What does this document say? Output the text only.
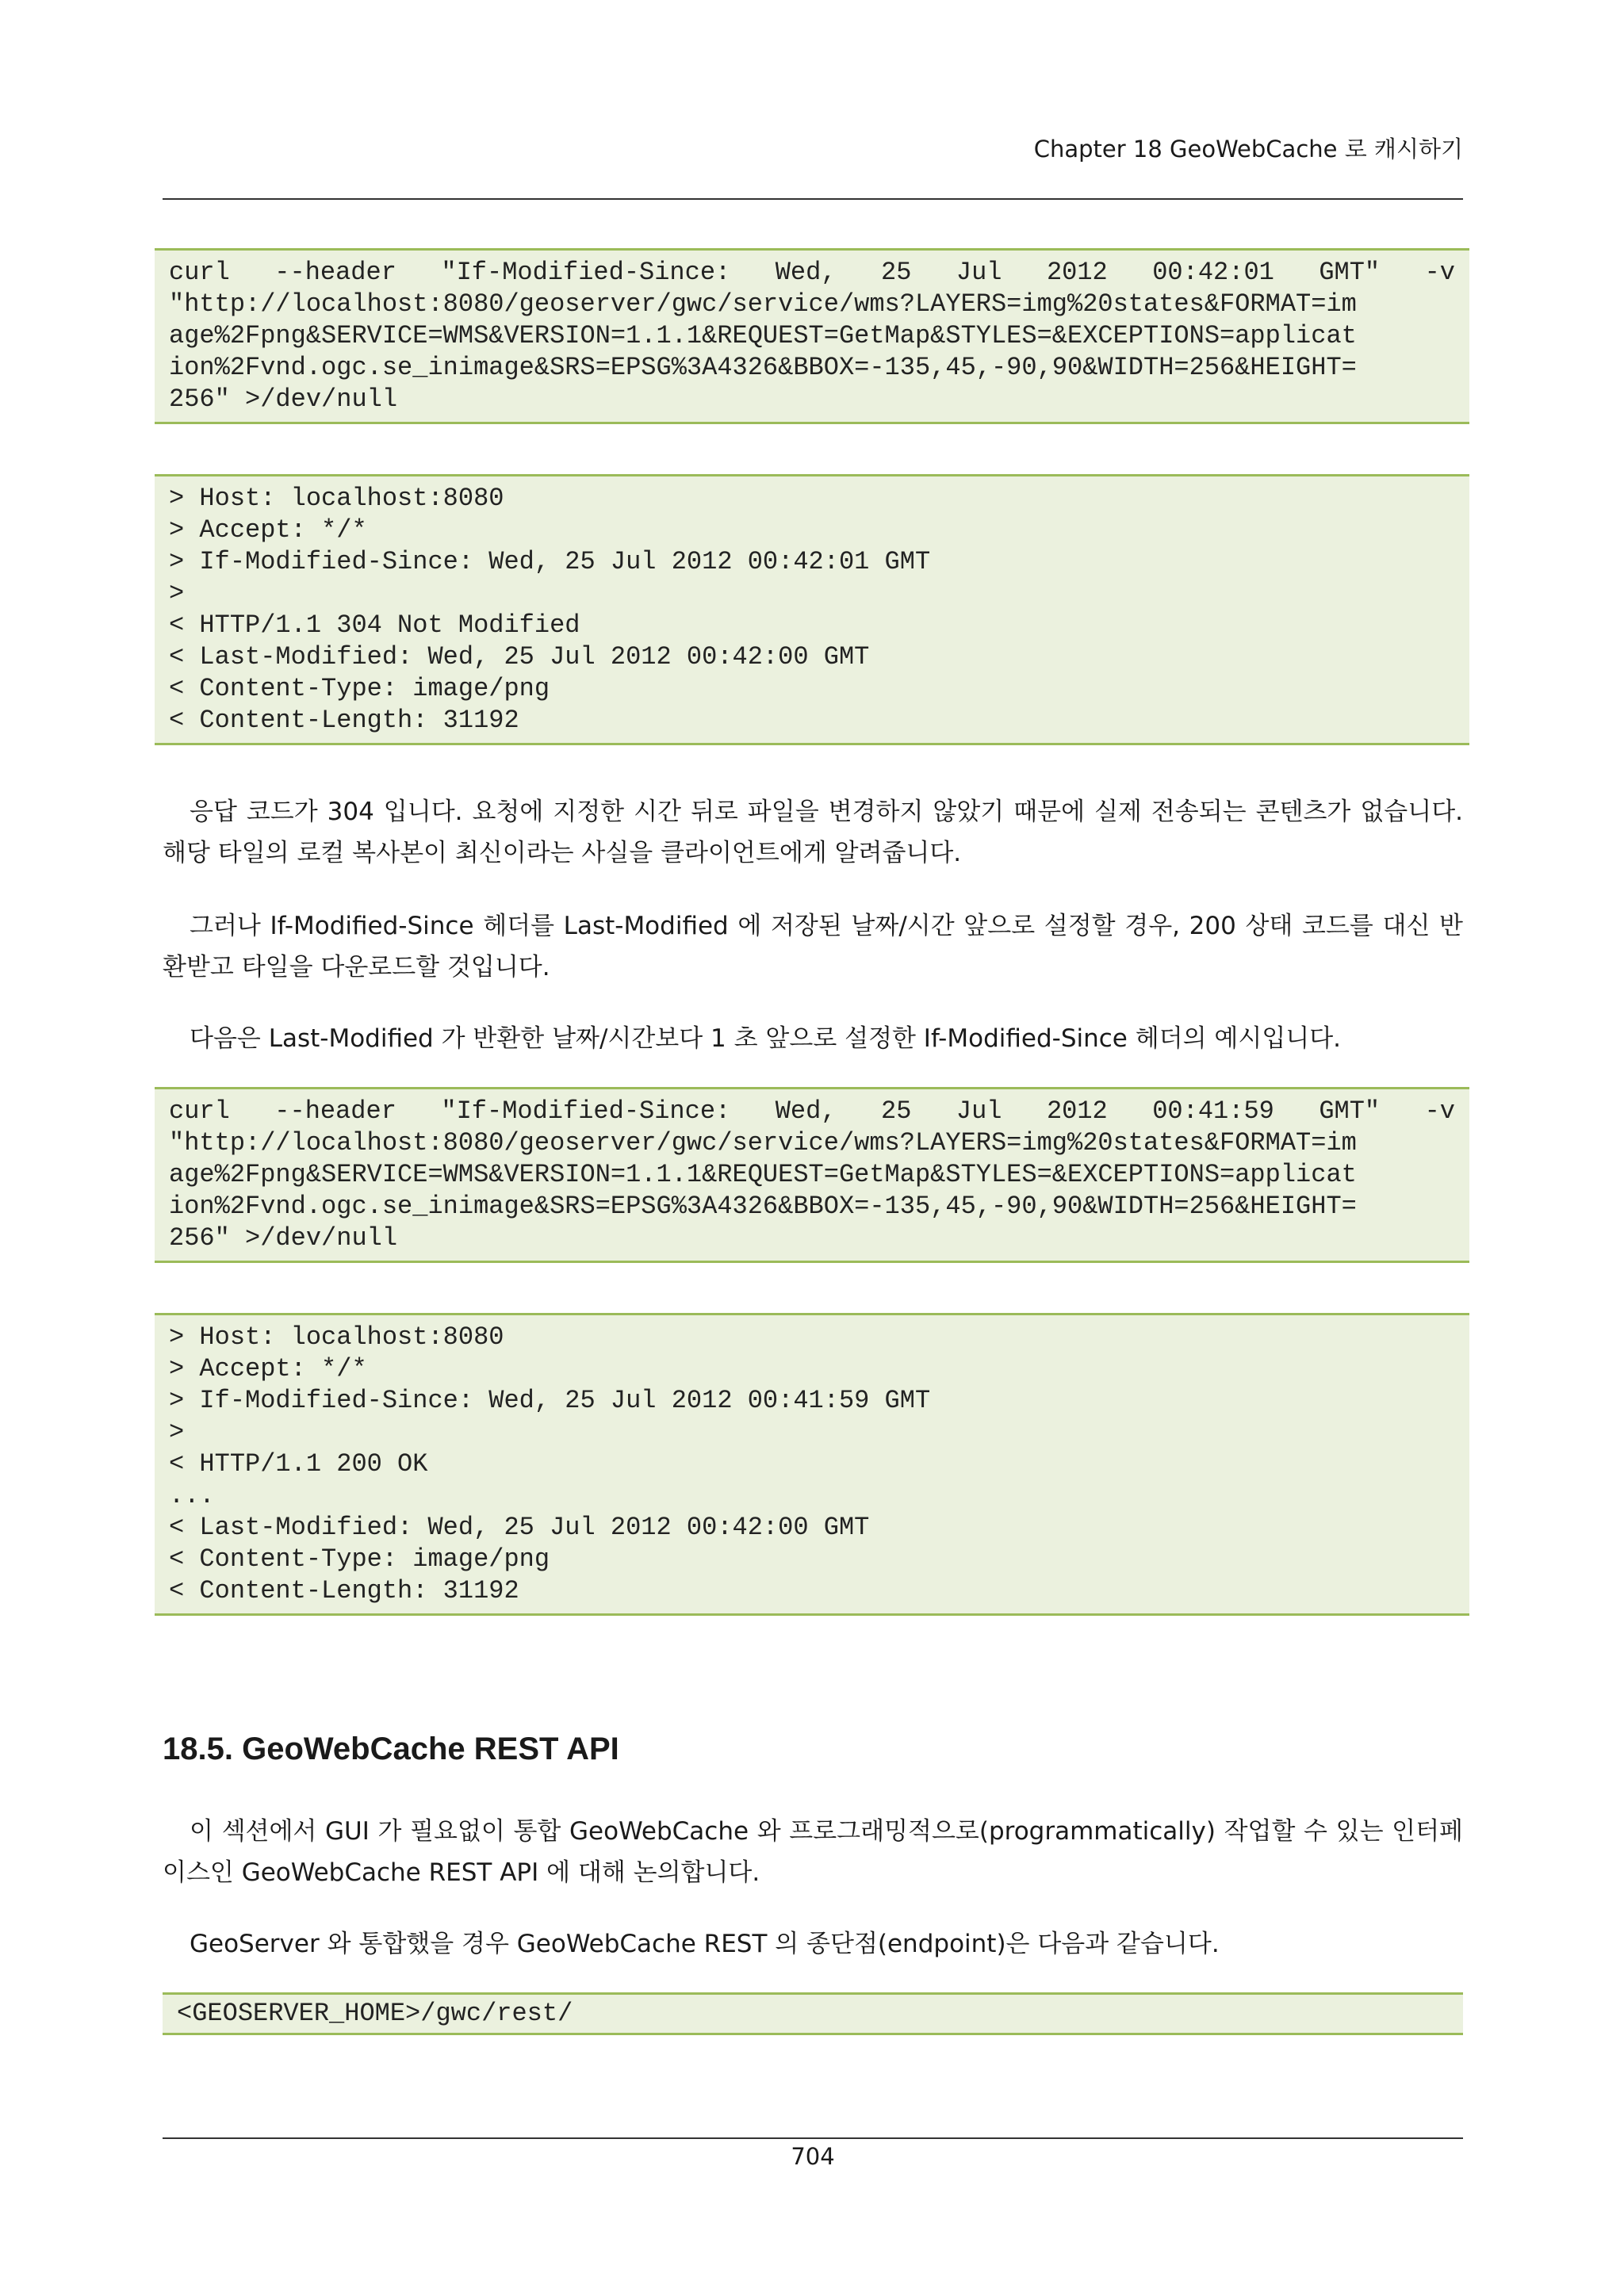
Chapter 18 GeoWebCache 로 캐시하기
curl --header "If-Modified-Since: Wed, 25 Jul 2012 00:42:01 GMT" -v
"http://localhost:8080/geoserver/gwc/service/wms?LAYERS=img%20states&FORMAT=im
age%2Fpng&SERVICE=WMS&VERSION=1.1.1&REQUEST=GetMap&STYLES=&EXCEPTIONS=applicat
ion%2Fvnd.ogc.se_inimage&SRS=EPSG%3A4326&BBOX=-135,45,-90,90&WIDTH=256&HEIGHT=
256" >/dev/null
> Host: localhost:8080
> Accept: */*
> If-Modified-Since: Wed, 25 Jul 2012 00:42:01 GMT
>
< HTTP/1.1 304 Not Modified
< Last-Modified: Wed, 25 Jul 2012 00:42:00 GMT
< Content-Type: image/png
< Content-Length: 31192

응답 코드가 304 입니다. 요청에 지정한 시간 뒤로 파일을 변경하지 않았기 때문에 실제 전송되는 콘텐츠가 없습니다. 해당 타일의 로컬 복사본이 최신이라는 사실을 클라이언트에게 알려줍니다.

그러나 If-Modified-Since 헤더를 Last-Modified 에 저장된 날짜/시간 앞으로 설정할 경우, 200 상태 코드를 대신 반환받고 타일을 다운로드할 것입니다.

다음은 Last-Modified 가 반환한 날짜/시간보다 1 초 앞으로 설정한 If-Modified-Since 헤더의 예시입니다.

curl --header "If-Modified-Since: Wed, 25 Jul 2012 00:41:59 GMT" -v
"http://localhost:8080/geoserver/gwc/service/wms?LAYERS=img%20states&FORMAT=im
age%2Fpng&SERVICE=WMS&VERSION=1.1.1&REQUEST=GetMap&STYLES=&EXCEPTIONS=applicat
ion%2Fvnd.ogc.se_inimage&SRS=EPSG%3A4326&BBOX=-135,45,-90,90&WIDTH=256&HEIGHT=
256" >/dev/null
> Host: localhost:8080
> Accept: */*
> If-Modified-Since: Wed, 25 Jul 2012 00:41:59 GMT
>
< HTTP/1.1 200 OK
...
< Last-Modified: Wed, 25 Jul 2012 00:42:00 GMT
< Content-Type: image/png
< Content-Length: 31192
18.5. GeoWebCache REST API

이 섹션에서 GUI 가 필요없이 통합 GeoWebCache 와 프로그래밍적으로(programmatically) 작업할 수 있는 인터페이스인 GeoWebCache REST API 에 대해 논의합니다.

GeoServer 와 통합했을 경우 GeoWebCache REST 의 종단점(endpoint)은 다음과 같습니다.

<GEOSERVER_HOME>/gwc/rest/
704
